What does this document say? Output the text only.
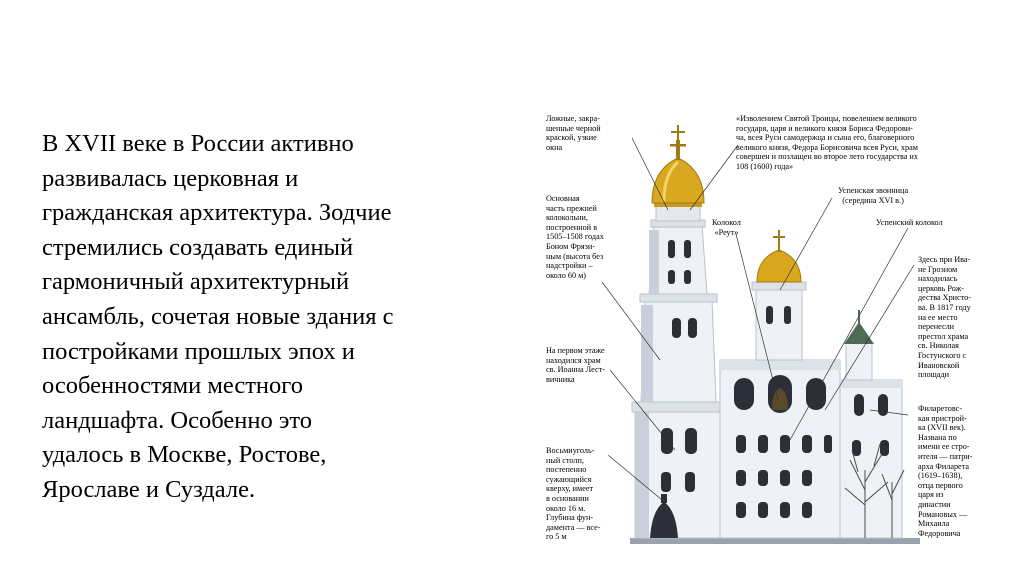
В XVII веке в России активно
развивалась церковная и
гражданская архитектура. Зодчие
стремились создавать единый
гармоничный архитектурный
ансамбль, сочетая новые здания с
постройками прошлых эпох и
особенностями местного
ландшафта. Особенно это
удалось в Москве, Ростове,
Ярославе и Суздале.
Ложные, закра-
шенные черной
краской, узкие
окна
«Изволением Святой Троицы, повелением великого
государя, царя и великого князя Бориса Федорови-
ча, всея Руси самодержца и сына его, благоверного
великого князя, Федора Борисовича всея Руси, храм
совершен и позлащен во второе лето государства их
108 (1600) года»
Успенская звонница
(середина XVI в.)
Основная
часть прежней
колокольни,
построенной в
1505–1508 годах
Боном Фрязи-
ным (высота без
надстройки –
около 60 м)
Колокол
«Реут»
Успенский колокол
Здесь при Ива-
не Грозном
находилась
церковь Рож-
дества Христо-
ва. В 1817 году
на ее место
перенесли
престол храма
св. Николая
Гостунского с
Ивановской
площади
На первом этаже
находился храм
св. Иоанна Лест-
вичника
Филаретовс-
кая пристрой-
ка (XVII век).
Названа по
имени ее стро-
ителя — патри-
арха Филарета
(1619–1638),
отца первого
царя из
династии
Романовых —
Михаила
Федоровича
Восьмиуголь-
ный столп,
постепенно
сужающийся
кверху, имеет
в основании
около 16 м.
Глубина фун-
дамента — все-
го 5 м
